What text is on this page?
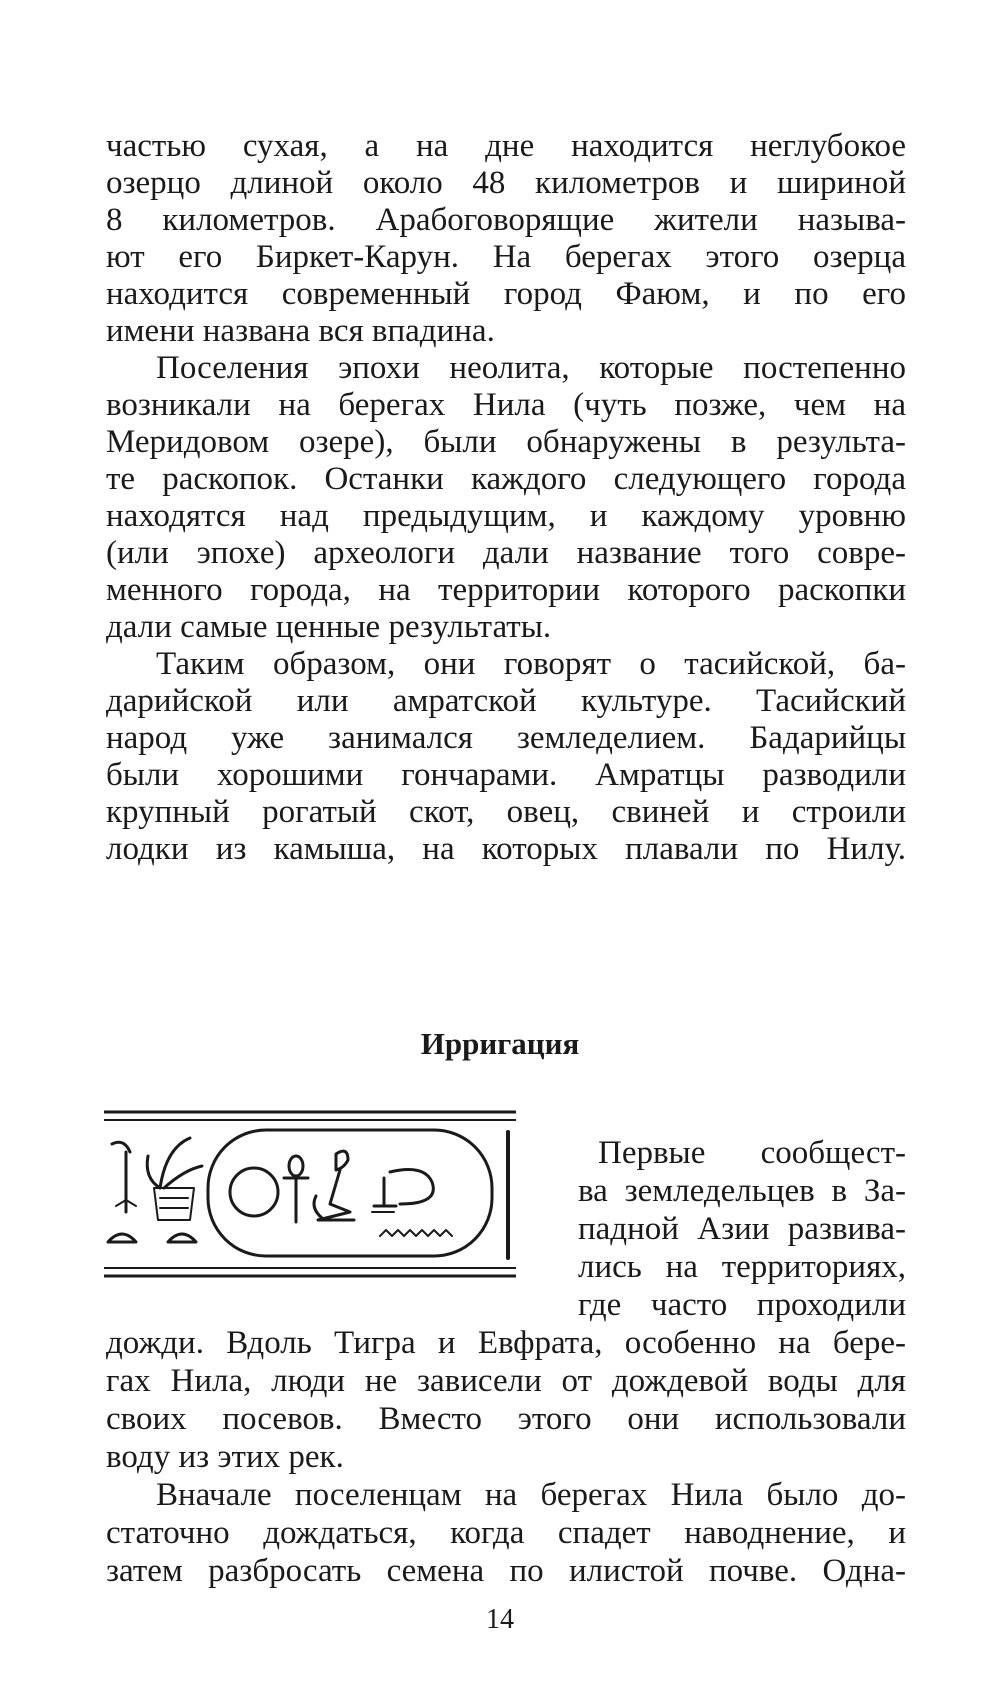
частью сухая, а на дне находится неглубокое
озерцо длиной около 48 километров и шириной
8 километров. Арабоговорящие жители называ-
ют его Биркет-Карун. На берегах этого озерца
находится современный город Фаюм, и по его
имени названа вся впадина.
Поселения эпохи неолита, которые постепенно
возникали на берегах Нила (чуть позже, чем на
Меридовом озере), были обнаружены в результа-
те раскопок. Останки каждого следующего города
находятся над предыдущим, и каждому уровню
(или эпохе) археологи дали название того совре-
менного города, на территории которого раскопки
дали самые ценные результаты.
Таким образом, они говорят о тасийской, ба-
дарийской или амратской культуре. Тасийский
народ уже занимался земледелием. Бадарийцы
были хорошими гончарами. Амратцы разводили
крупный рогатый скот, овец, свиней и строили
лодки из камыша, на которых плавали по Нилу.
Ирригация
Первые сообщест-
ва земледельцев в За-
падной Азии развива-
лись на территориях,
где часто проходили
дожди. Вдоль Тигра и Евфрата, особенно на бере-
гах Нила, люди не зависели от дождевой воды для
своих посевов. Вместо этого они использовали
воду из этих рек.
Вначале поселенцам на берегах Нила было до-
статочно дождаться, когда спадет наводнение, и
затем разбросать семена по илистой почве. Одна-
14
